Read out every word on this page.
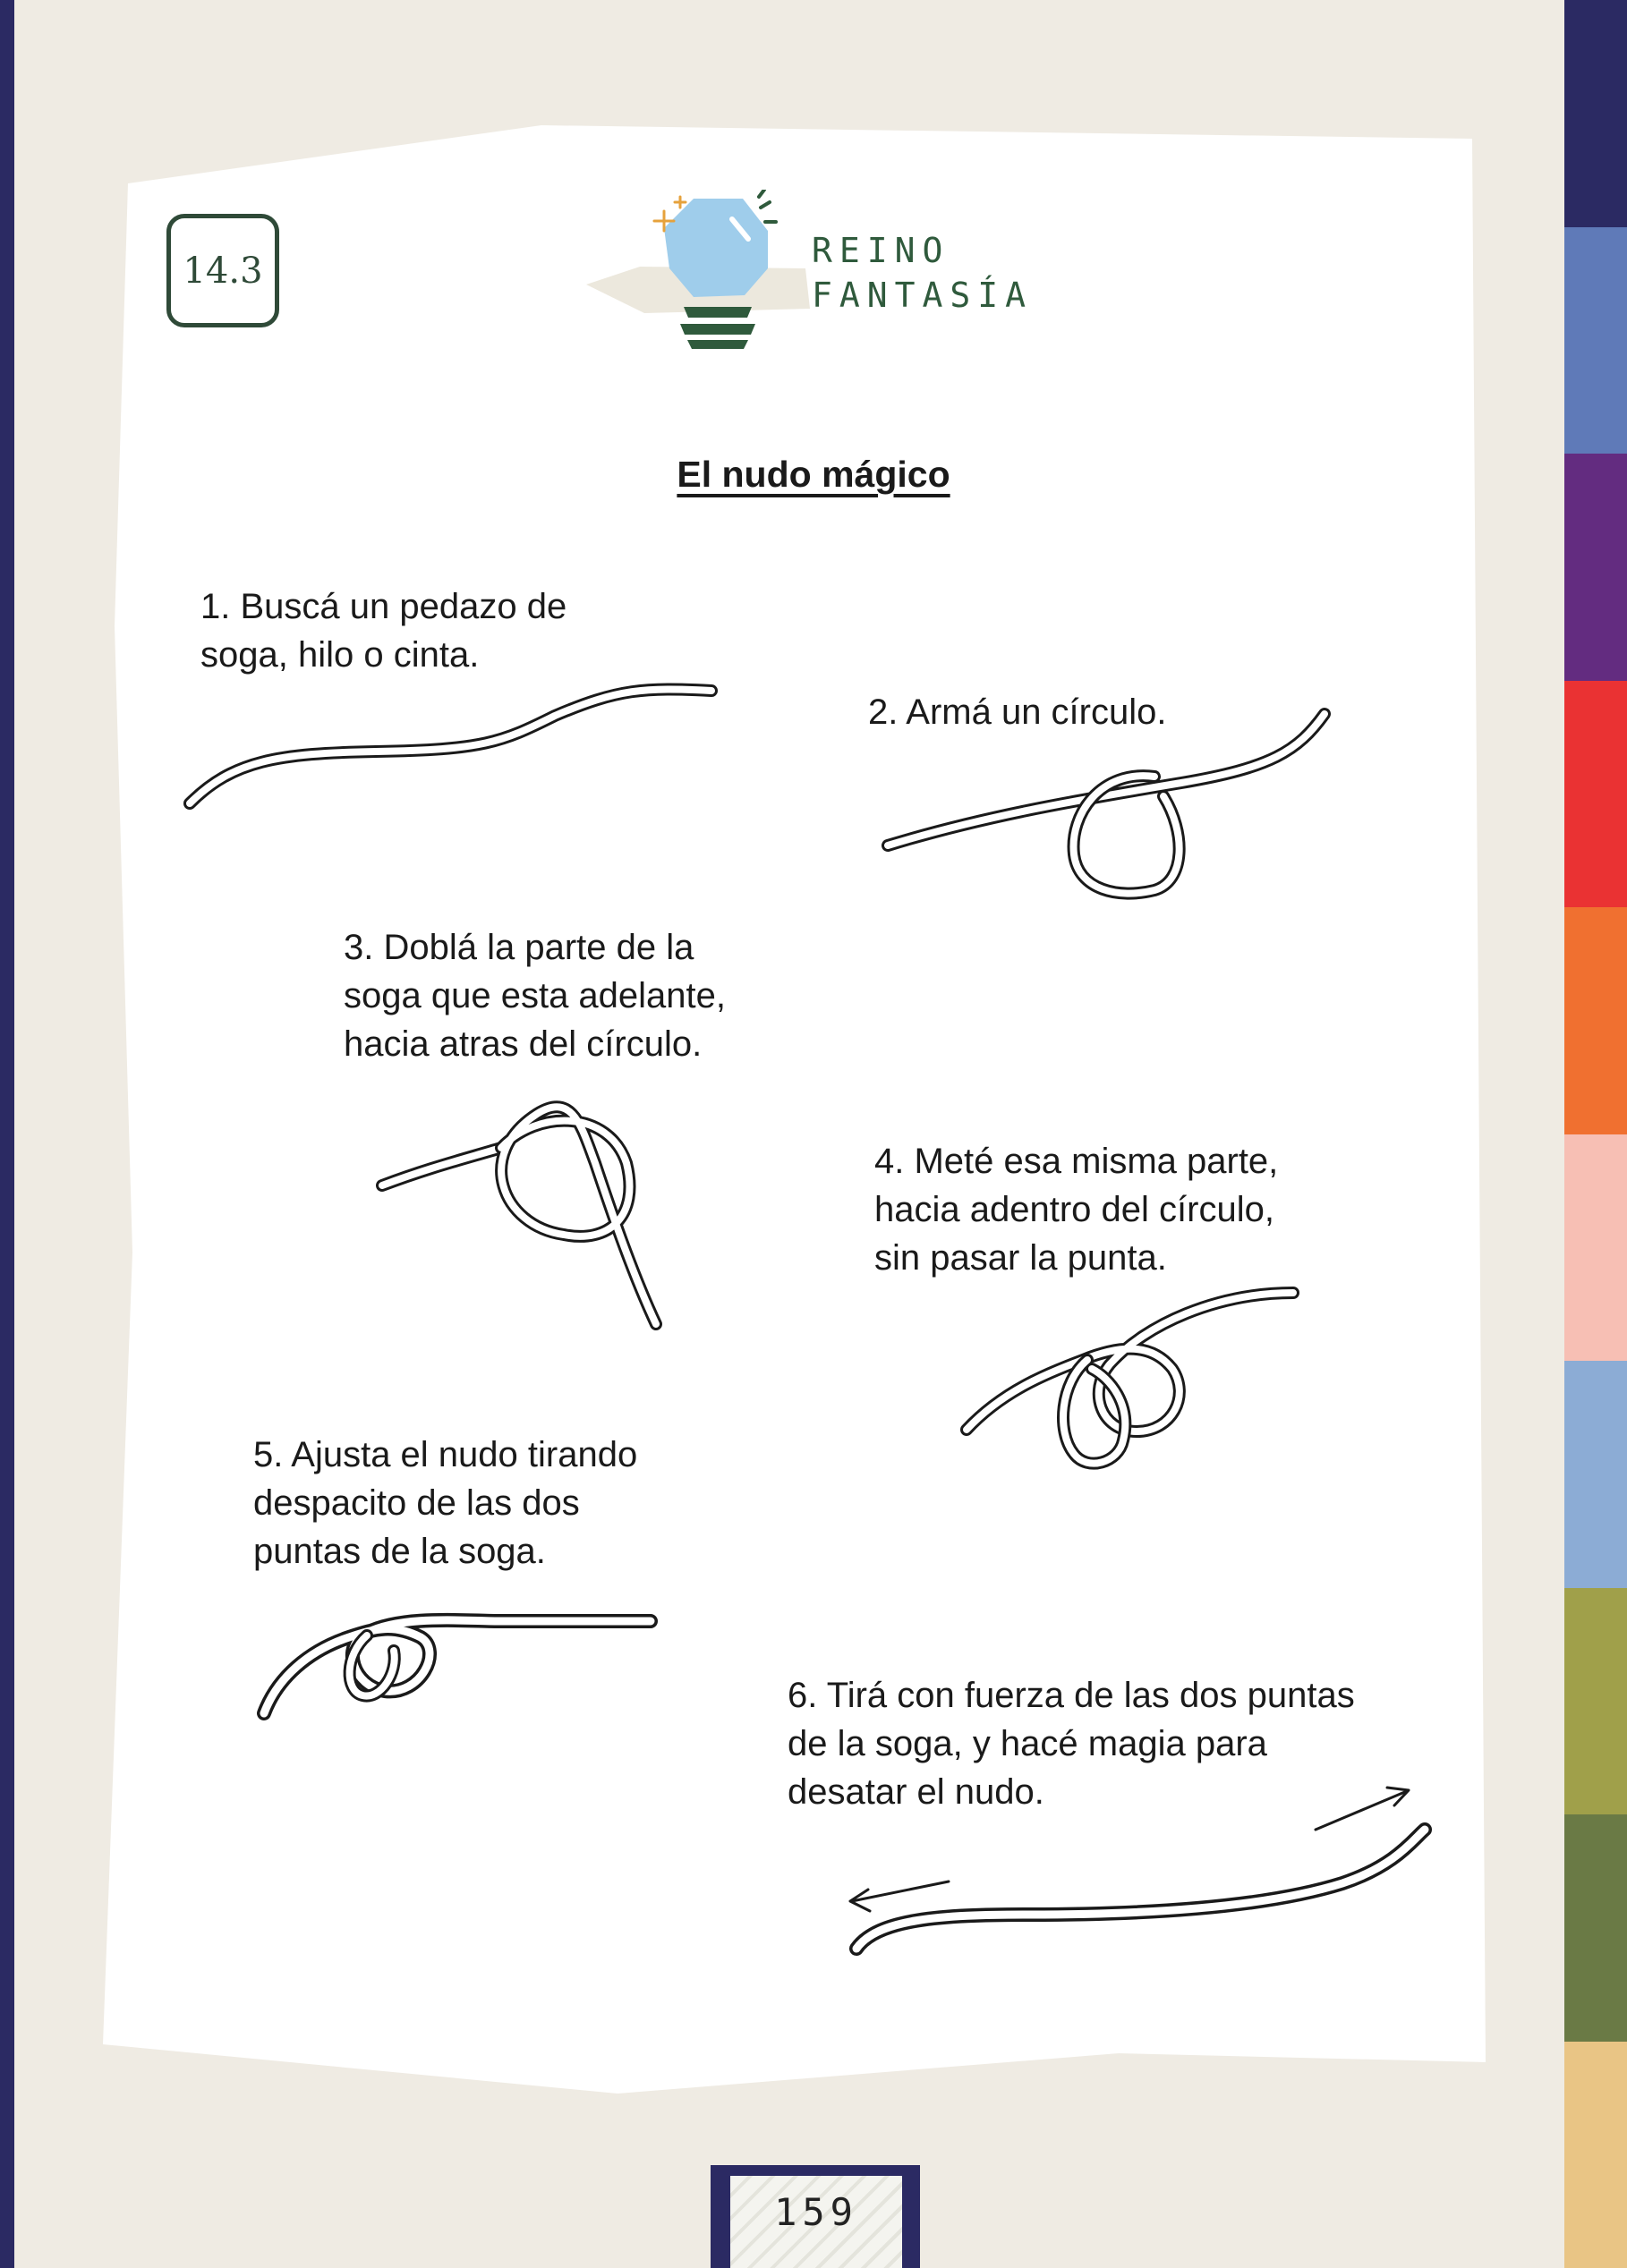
14.3	REINO
FANTASÍA
El nudo mágico
1. Buscá un pedazo de
soga, hilo o cinta.
2. Armá un círculo.
3. Doblá la parte de la
soga que esta adelante,
hacia atras del círculo.
4. Meté esa misma parte,
hacia adentro del círculo,
sin pasar la punta.
5. Ajusta el nudo tirando
despacito de las dos
puntas de la soga.
6. Tirá con fuerza de las dos puntas
de la soga, y hacé magia para
desatar el nudo.
159
